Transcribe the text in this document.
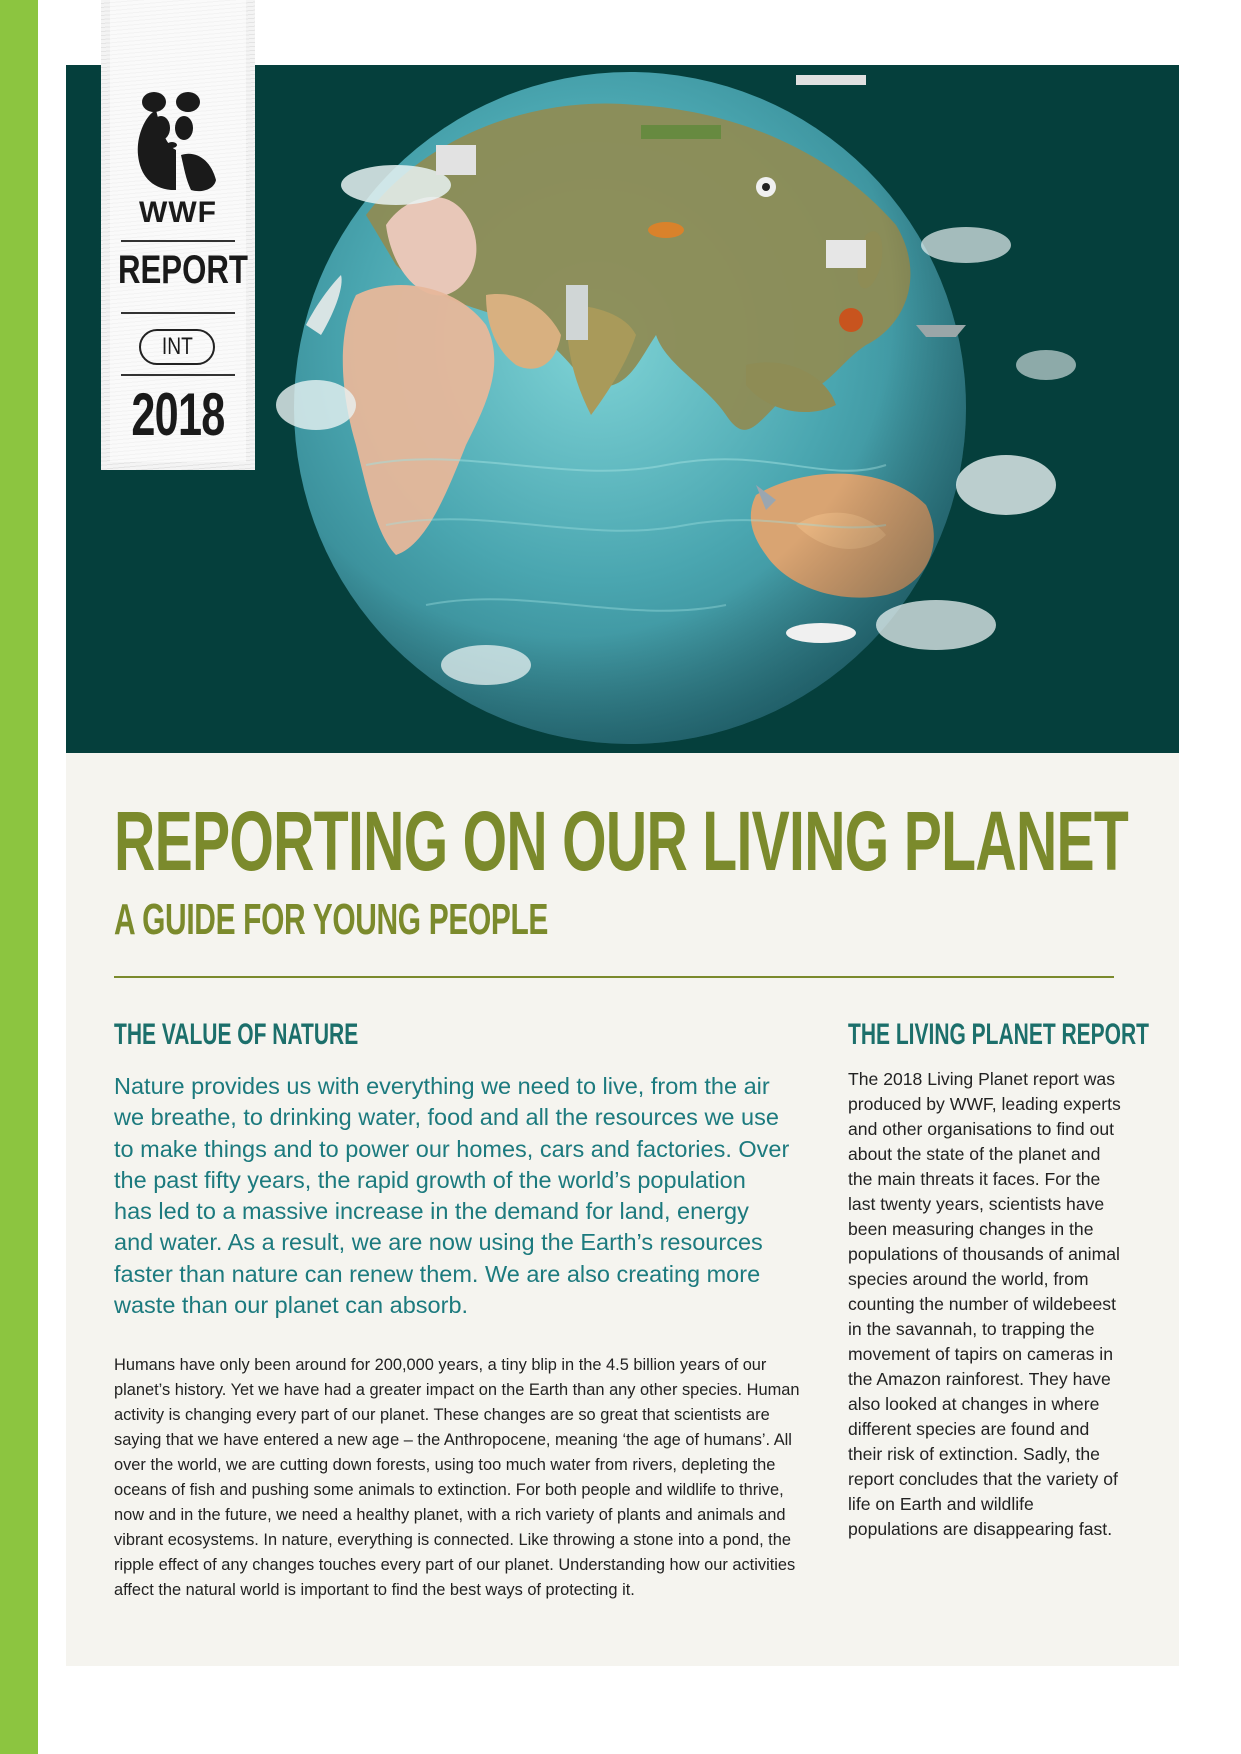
WWF
REPORT
INT
2018
REPORTING ON OUR LIVING PLANET
A GUIDE FOR YOUNG PEOPLE
THE VALUE OF NATURE

Nature provides us with everything we need to live, from the air we breathe, to drinking water, food and all the resources we use to make things and to power our homes, cars and factories. Over the past fifty years, the rapid growth of the world’s population has led to a massive increase in the demand for land, energy and water. As a result, we are now using the Earth’s resources faster than nature can renew them. We are also creating more waste than our planet can absorb.

Humans have only been around for 200,000 years, a tiny blip in the 4.5 billion years of our planet’s history. Yet we have had a greater impact on the Earth than any other species. Human activity is changing every part of our planet. These changes are so great that scientists are saying that we have entered a new age – the Anthropocene, meaning ‘the age of humans’. All over the world, we are cutting down forests, using too much water from rivers, depleting the oceans of fish and pushing some animals to extinction. For both people and wildlife to thrive, now and in the future, we need a healthy planet, with a rich variety of plants and animals and vibrant ecosystems. In nature, everything is connected. Like throwing a stone into a pond, the ripple effect of any changes touches every part of our planet. Understanding how our activities affect the natural world is important to find the best ways of protecting it.

THE LIVING PLANET REPORT

The 2018 Living Planet report was produced by WWF, leading experts and other organisations to find out about the state of the planet and the main threats it faces. For the last twenty years, scientists have been measuring changes in the populations of thousands of animal species around the world, from counting the number of wildebeest in the savannah, to trapping the movement of tapirs on cameras in the Amazon rainforest. They have also looked at changes in where different species are found and their risk of extinction. Sadly, the report concludes that the variety of life on Earth and wildlife populations are disappearing fast.
